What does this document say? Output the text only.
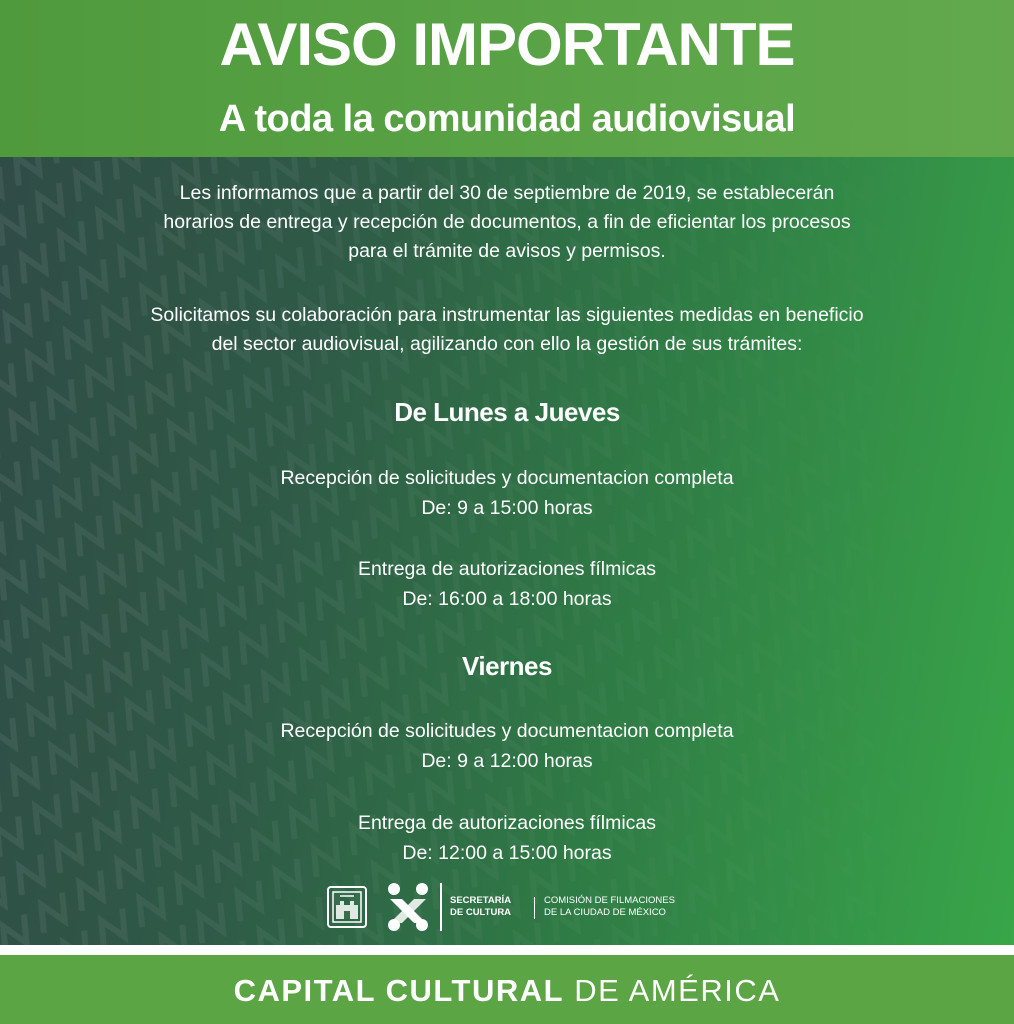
AVISO IMPORTANTE
A toda la comunidad audiovisual

Les informamos que a partir del 30 de septiembre de 2019, se establecerán
horarios de entrega y recepción de documentos, a fin de eficientar los procesos
para el trámite de avisos y permisos.

Solicitamos su colaboración para instrumentar las siguientes medidas en beneficio
del sector audiovisual, agilizando con ello la gestión de sus trámites:

De Lunes a Jueves
Recepción de solicitudes y documentacion completa
De: 9 a 15:00 horas
Entrega de autorizaciones fílmicas
De: 16:00 a 18:00 horas
Viernes
Recepción de solicitudes y documentacion completa
De: 9 a 12:00 horas
Entrega de autorizaciones fílmicas
De: 12:00 a 15:00 horas
SECRETARÍA
DE CULTURA
COMISIÓN DE FILMACIONES
DE LA CIUDAD DE MÉXICO
CAPITAL CULTURAL DE AMÉRICA
